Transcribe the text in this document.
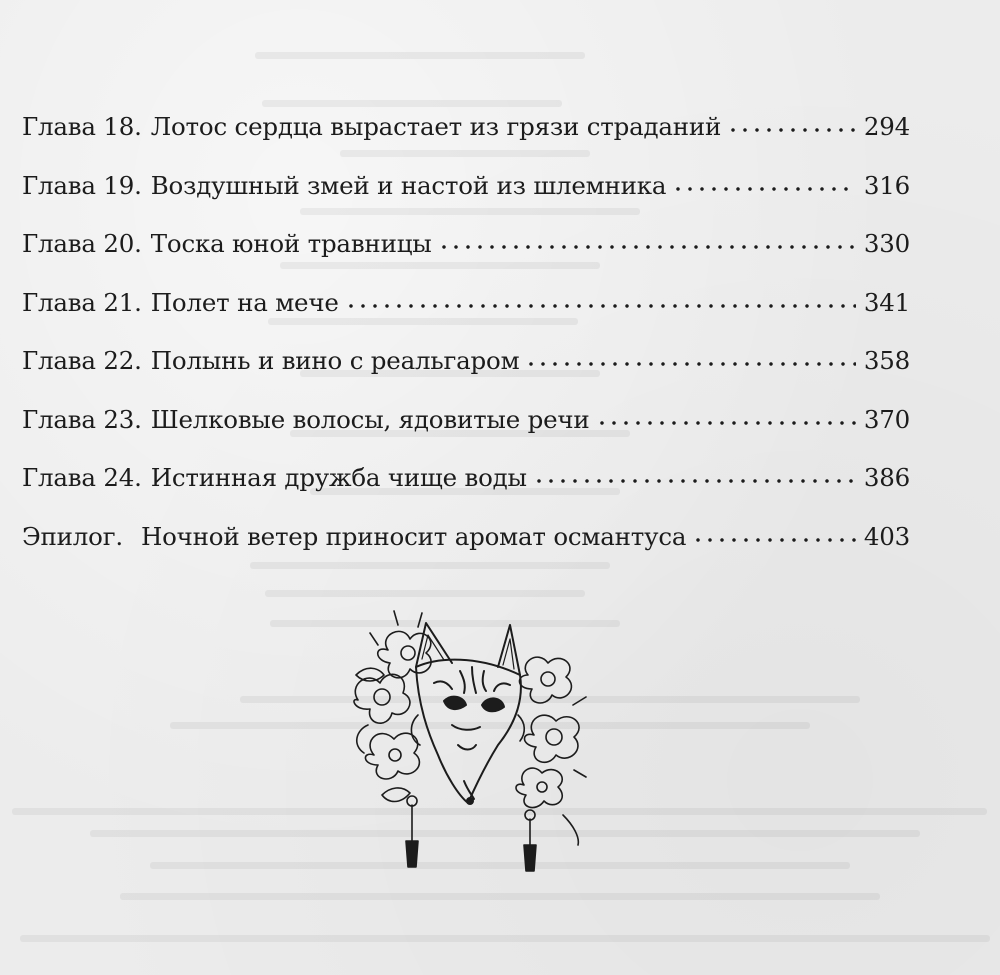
Глава 18. Лотос сердца вырастает из грязи страданий	294
Глава 19. Воздушный змей и настой из шлемника	316
Глава 20. Тоска юной травницы	330
Глава 21. Полет на мече	341
Глава 22. Полынь и вино с реальгаром	358
Глава 23. Шелковые волосы, ядовитые речи	370
Глава 24. Истинная дружба чище воды	386
Эпилог. Ночной ветер приносит аромат османтуса	403
